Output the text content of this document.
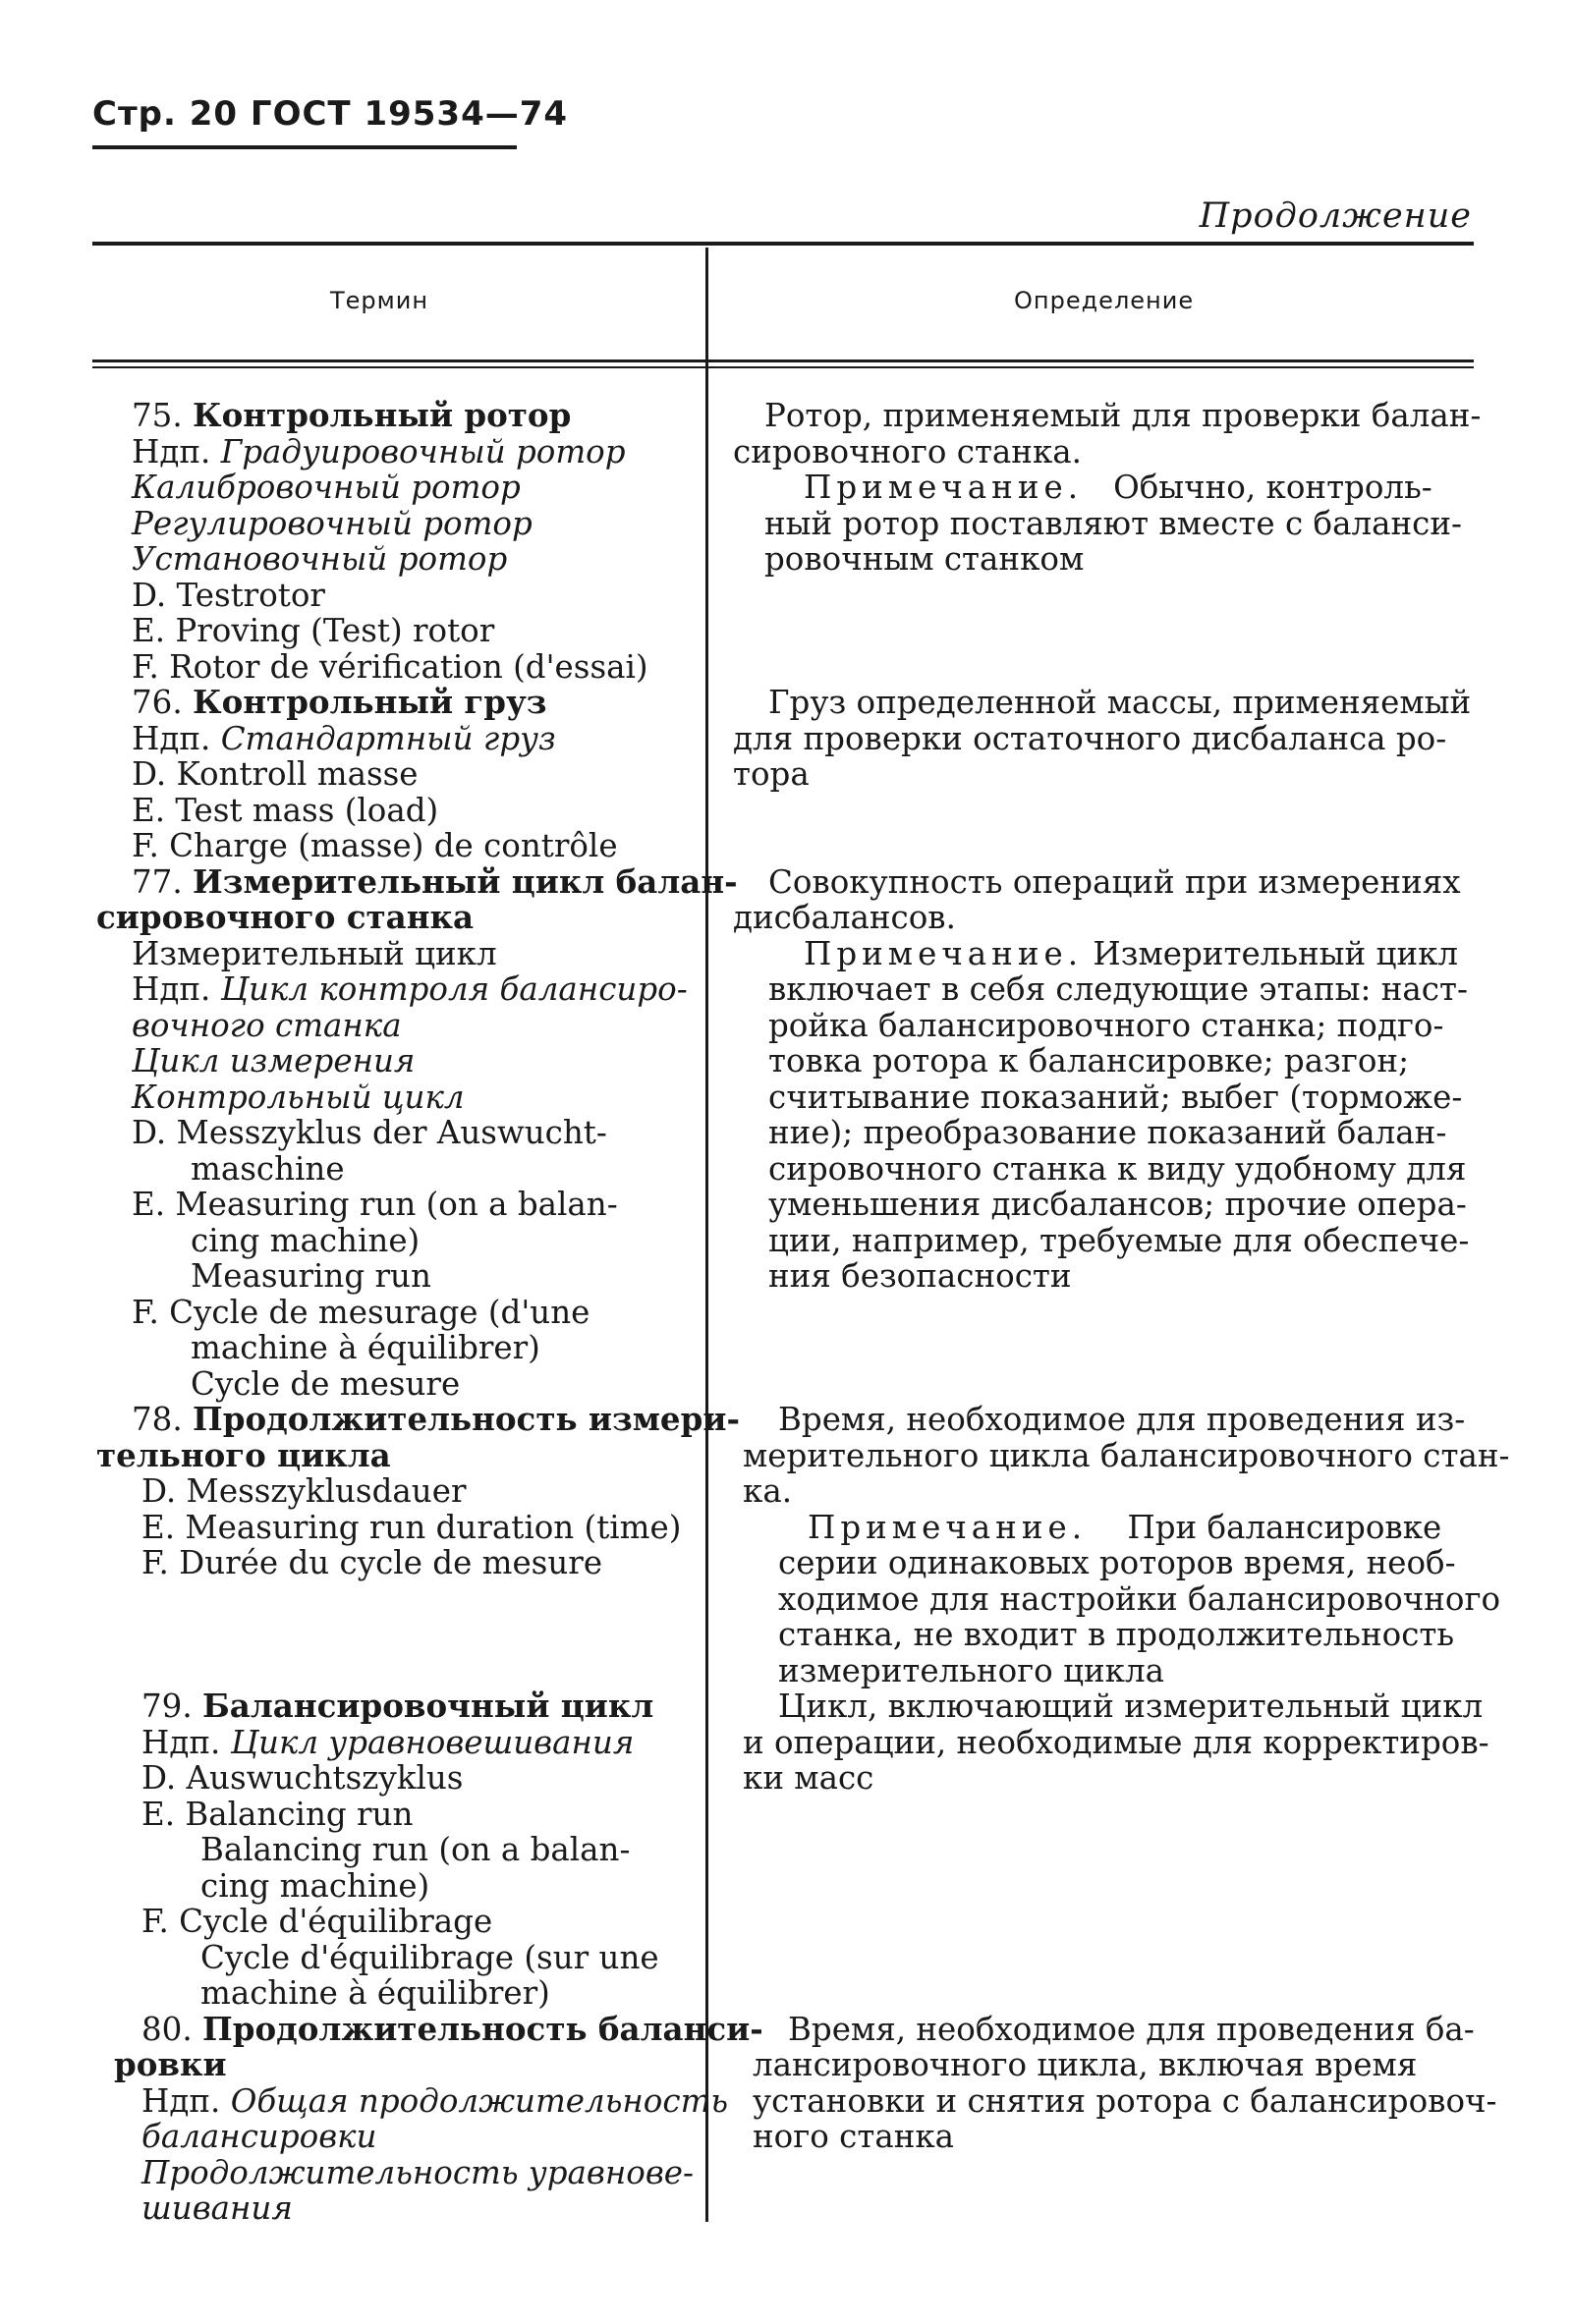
Стр. 20 ГОСТ 19534—74
Продолжение
Термин	Определение
75. Контрольный ротор
Ндп. Градуировочный ротор
Калибровочный ротор
Регулировочный ротор
Установочный ротор
D. Testrotor
E. Proving (Test) rotor
F. Rotor de vérification (d'essai)
76. Контрольный груз
Ндп. Стандартный груз
D. Kontroll masse
E. Test mass (load)
F. Charge (masse) de contrôle
77. Измерительный цикл балан-
сировочного станка
Измерительный цикл
Ндп. Цикл контроля балансиро-
вочного станка
Цикл измерения
Контрольный цикл
D. Messzyklus der Auswucht-
maschine
E. Measuring run (on a balan-
cing machine)
Measuring run
F. Cycle de mesurage (d'une
machine à équilibrer)
Cycle de mesure
78. Продолжительность измери-
тельного цикла
D. Messzyklusdauer
E. Measuring run duration (time)
F. Durée du cycle de mesure
79. Балансировочный цикл
Ндп. Цикл уравновешивания
D. Auswuchtszyklus
E. Balancing run
Balancing run (on a balan-
cing machine)
F. Cycle d'équilibrage
Cycle d'équilibrage (sur une
machine à équilibrer)
80. Продолжительность баланси-
ровки
Ндп. Общая продолжительность
балансировки
Продолжительность уравнове-
шивания
Ротор, применяемый для проверки балан-
сировочного станка.
Примечание. Обычно, контроль-
ный ротор поставляют вместе с баланси-
ровочным станком
Груз определенной массы, применяемый
для проверки остаточного дисбаланса ро-
тора
Совокупность операций при измерениях
дисбалансов.
Примечание. Измерительный цикл
включает в себя следующие этапы: наст-
ройка балансировочного станка; подго-
товка ротора к балансировке; разгон;
считывание показаний; выбег (торможе-
ние); преобразование показаний балан-
сировочного станка к виду удобному для
уменьшения дисбалансов; прочие опера-
ции, например, требуемые для обеспече-
ния безопасности
Время, необходимое для проведения из-
мерительного цикла балансировочного стан-
ка.
Примечание. При балансировке
серии одинаковых роторов время, необ-
ходимое для настройки балансировочного
станка, не входит в продолжительность
измерительного цикла
Цикл, включающий измерительный цикл
и операции, необходимые для корректиров-
ки масс
Время, необходимое для проведения ба-
лансировочного цикла, включая время
установки и снятия ротора с балансировоч-
ного станка
